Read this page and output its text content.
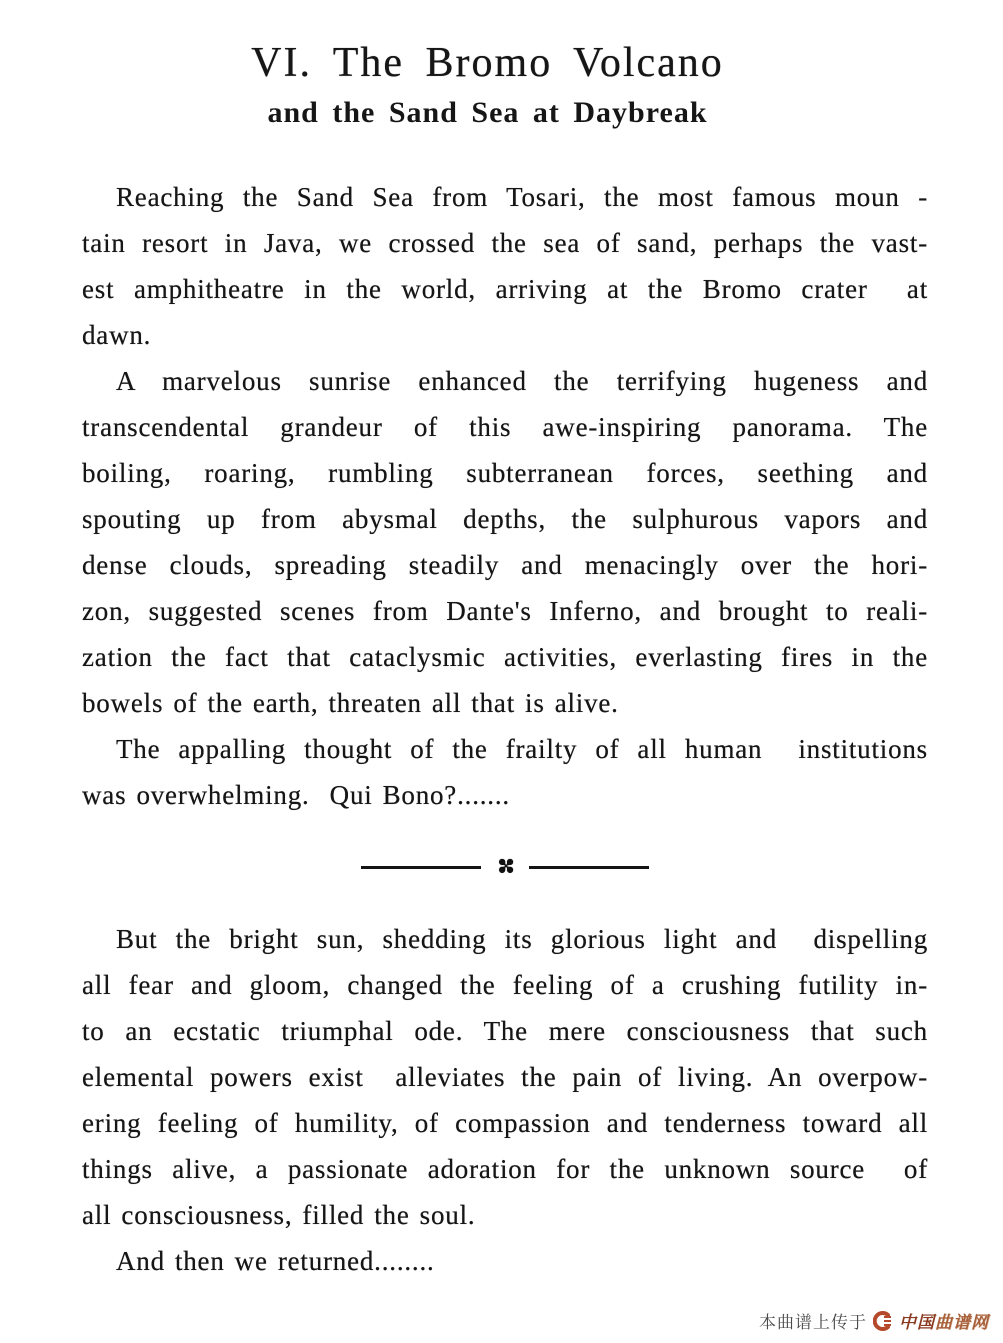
VI. The Bromo Volcano
and the Sand Sea at Daybreak
Reaching the Sand Sea from Tosari, the most famous moun -
tain resort in Java, we crossed the sea of sand, perhaps the vast-
est amphitheatre in the world, arriving at the Bromo crater  at
dawn.
A marvelous sunrise enhanced the terrifying hugeness and
transcendental grandeur of this awe-inspiring panorama. The
boiling, roaring, rumbling subterranean forces, seething and
spouting up from abysmal depths, the sulphurous vapors and
dense clouds, spreading steadily and menacingly over the hori-
zon, suggested scenes from Dante's Inferno, and brought to reali-
zation the fact that cataclysmic activities, everlasting fires in the
bowels of the earth, threaten all that is alive.
The appalling thought of the frailty of all human  institutions
was overwhelming.  Qui Bono?.......
✤
But the bright sun, shedding its glorious light and  dispelling
all fear and gloom, changed the feeling of a crushing futility in-
to an ecstatic triumphal ode. The mere consciousness that such
elemental powers exist  alleviates the pain of living. An overpow-
ering feeling of humility, of compassion and tenderness toward all
things alive, a passionate adoration for the unknown source  of
all consciousness, filled the soul.
And then we returned........
本曲谱上传于 中国曲谱网
